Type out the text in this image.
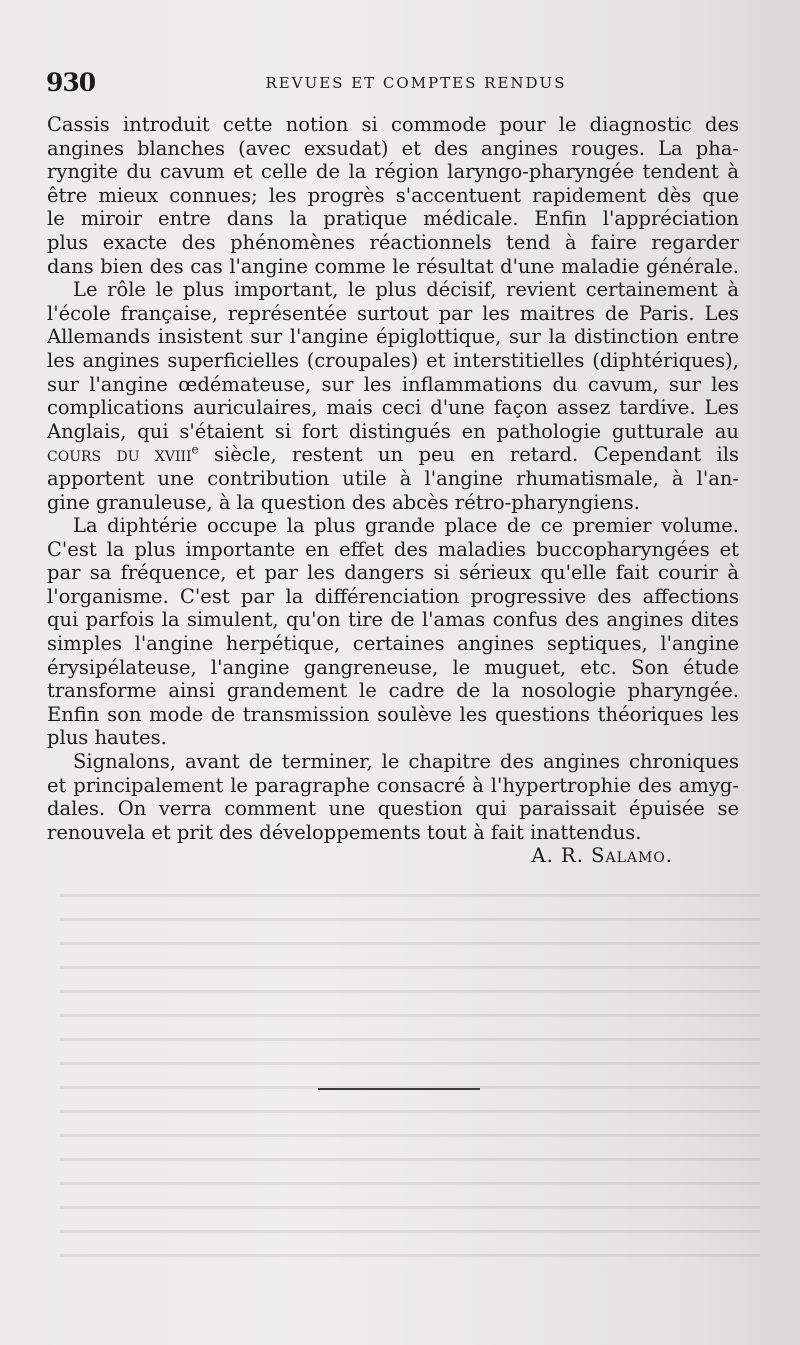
930	REVUES ET COMPTES RENDUS
Cassis introduit cette notion si commode pour le diagnostic des
angines blanches (avec exsudat) et des angines rouges. La pha-
ryngite du cavum et celle de la région laryngo-pharyngée tendent à
être mieux connues; les progrès s'accentuent rapidement dès que
le miroir entre dans la pratique médicale. Enfin l'appréciation
plus exacte des phénomènes réactionnels tend à faire regarder
dans bien des cas l'angine comme le résultat d'une maladie générale.
Le rôle le plus important, le plus décisif, revient certainement à
l'école française, représentée surtout par les maitres de Paris. Les
Allemands insistent sur l'angine épiglottique, sur la distinction entre
les angines superficielles (croupales) et interstitielles (diphtériques),
sur l'angine œdémateuse, sur les inflammations du cavum, sur les
complications auriculaires, mais ceci d'une façon assez tardive. Les
Anglais, qui s'étaient si fort distingués en pathologie gutturale au
cours du xviii$^e$ siècle, restent un peu en retard. Cependant ils
apportent une contribution utile à l'angine rhumatismale, à l'an-
gine granuleuse, à la question des abcès rétro-pharyngiens.
La diphtérie occupe la plus grande place de ce premier volume.
C'est la plus importante en effet des maladies buccopharyngées et
par sa fréquence, et par les dangers si sérieux qu'elle fait courir à
l'organisme. C'est par la différenciation progressive des affections
qui parfois la simulent, qu'on tire de l'amas confus des angines dites
simples l'angine herpétique, certaines angines septiques, l'angine
érysipélateuse, l'angine gangreneuse, le muguet, etc. Son étude
transforme ainsi grandement le cadre de la nosologie pharyngée.
Enfin son mode de transmission soulève les questions théoriques les
plus hautes.
Signalons, avant de terminer, le chapitre des angines chroniques
et principalement le paragraphe consacré à l'hypertrophie des amyg-
dales. On verra comment une question qui paraissait épuisée se
renouvela et prit des développements tout à fait inattendus.
A. R. Salamo.
